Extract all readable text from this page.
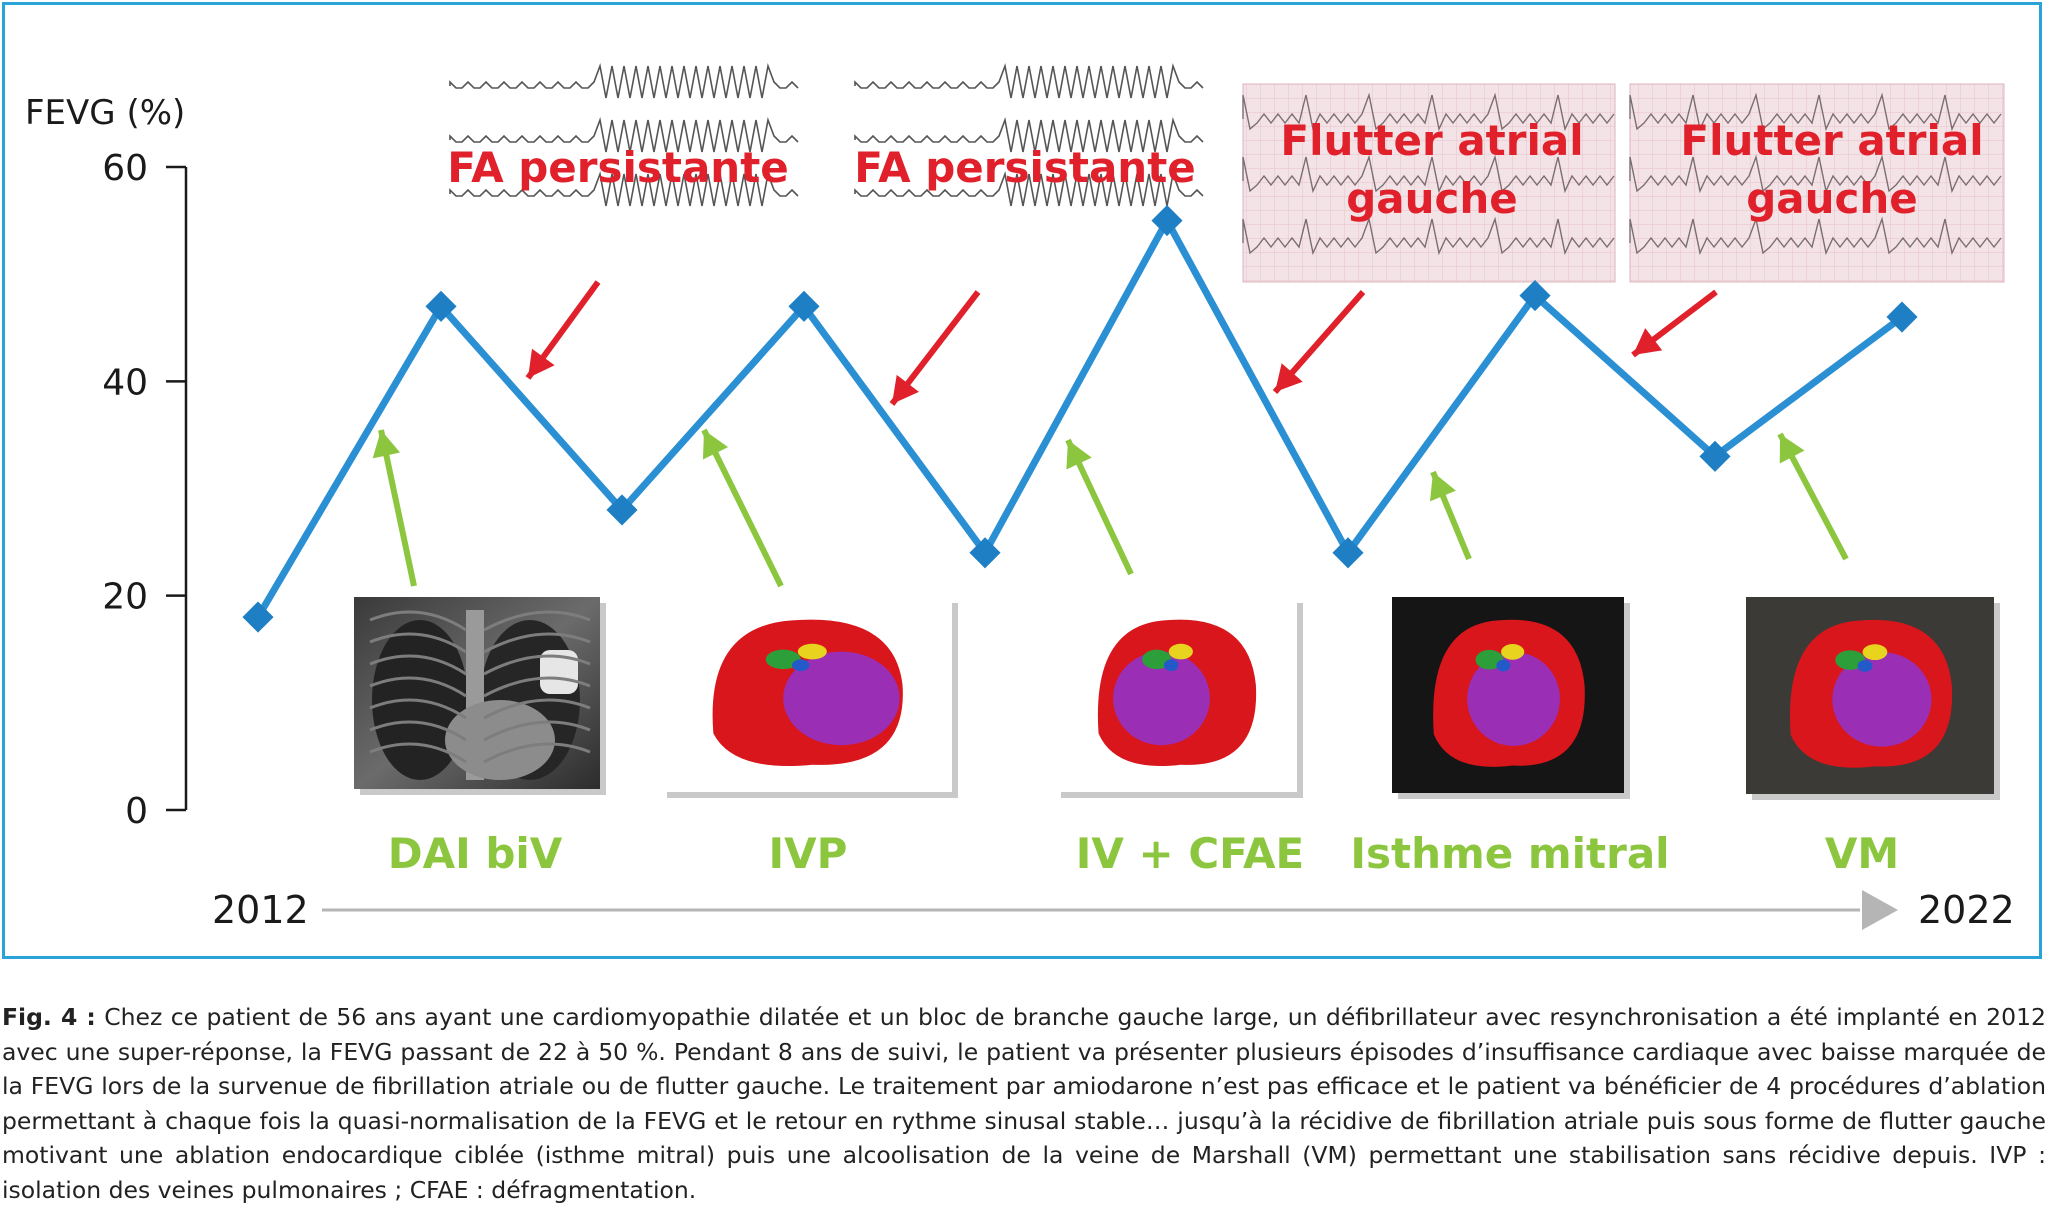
FEVG (%)
60
40
20
0
FA persistante FA persistante
Flutter atrial gauche
Flutter atrial gauche
DAI biV	IVP	IV + CFAE Isthme mitral	VM
2012	2022
Fig. 4 : Chez ce patient de 56 ans ayant une cardiomyopathie dilatée et un bloc de branche gauche large, un défibrillateur avec resynchronisation a été implanté en 2012 avec une super-réponse, la FEVG passant de 22 à 50 %. Pendant 8 ans de suivi, le patient va présenter plusieurs épisodes d’insuffisance cardiaque avec baisse marquée de la FEVG lors de la survenue de fibrillation atriale ou de flutter gauche. Le traitement par amiodarone n’est pas efficace et le patient va bénéficier de 4 procédures d’ablation permettant à chaque fois la quasi-normalisation de la FEVG et le retour en rythme sinusal stable… jusqu’à la récidive de fibrillation atriale puis sous forme de flutter gauche motivant une ablation endocardique ciblée (isthme mitral) puis une alcoolisation de la veine de Marshall (VM) permettant une stabilisation sans récidive depuis. IVP : isolation des veines pulmonaires ; CFAE : défragmentation.
